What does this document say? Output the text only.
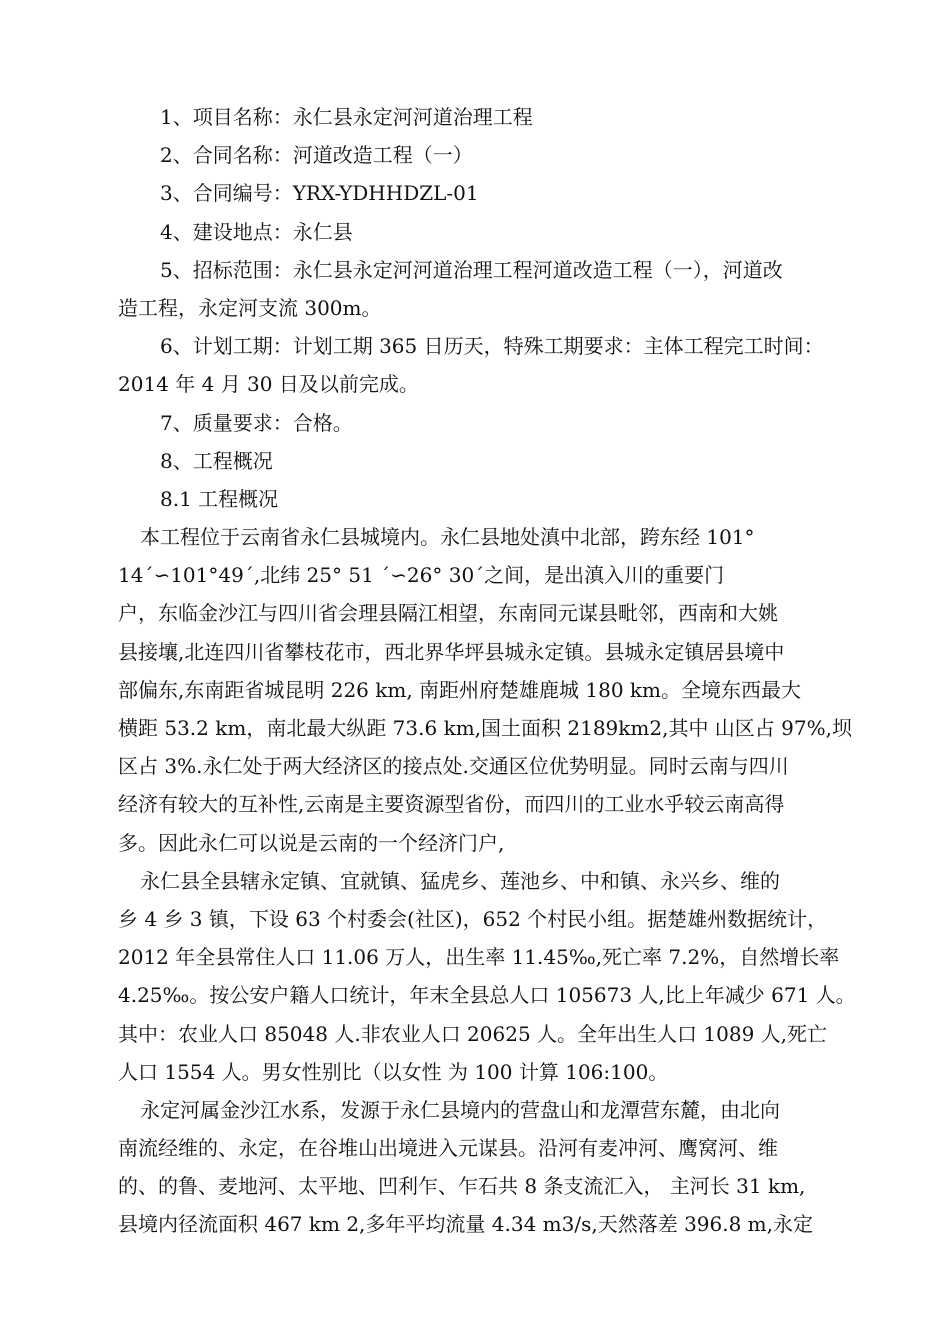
1、项目名称：永仁县永定河河道治理工程
2、合同名称：河道改造工程（一）
3、合同编号：YRX-YDHHDZL-01
4、建设地点：永仁县
5、招标范围：永仁县永定河河道治理工程河道改造工程（一），河道改
造工程，永定河支流 300m。
6、计划工期：计划工期 365 日历天，特殊工期要求：主体工程完工时间：
2014 年 4 月 30 日及以前完成。
7、质量要求：合格。
8、工程概况
8.1 工程概况
本工程位于云南省永仁县城境内。永仁县地处滇中北部，跨东经 101°
14´∽101°49´,北纬 25° 51 ´∽26° 30´之间，是出滇入川的重要门
户，东临金沙江与四川省会理县隔江相望，东南同元谋县毗邻，西南和大姚
县接壤,北连四川省攀枝花市，西北界华坪县城永定镇。县城永定镇居县境中
部偏东,东南距省城昆明 226 km, 南距州府楚雄鹿城 180 km。全境东西最大
横距 53.2 km，南北最大纵距 73.6 km,国土面积 2189km2,其中 山区占 97%,坝
区占 3%.永仁处于两大经济区的接点处.交通区位优势明显。同时云南与四川
经济有较大的互补性,云南是主要资源型省份，而四川的工业水乎较云南高得
多。因此永仁可以说是云南的一个经济门户,
永仁县全县辖永定镇、宜就镇、猛虎乡、莲池乡、中和镇、永兴乡、维的
乡 4 乡 3 镇，下设 63 个村委会(社区)，652 个村民小组。据楚雄州数据统计，
2012 年全县常住人口 11.06 万人，出生率 11.45‰,死亡率 7.2%，自然增长率
4.25‰。按公安户籍人口统计，年末全县总人口 105673 人,比上年减少 671 人。
其中：农业人口 85048 人.非农业人口 20625 人。全年出生人口 1089 人,死亡
人口 1554 人。男女性别比（以女性 为 100 计算 106:100。
永定河属金沙江水系，发源于永仁县境内的营盘山和龙潭营东麓，由北向
南流经维的、永定，在谷堆山出境进入元谋县。沿河有麦冲河、鹰窝河、维
的、的鲁、麦地河、太平地、凹利乍、乍石共 8 条支流汇入， 主河长 31 km,
县境内径流面积 467 km 2,多年平均流量 4.34 m3/s,天然落差 396.8 m,永定
